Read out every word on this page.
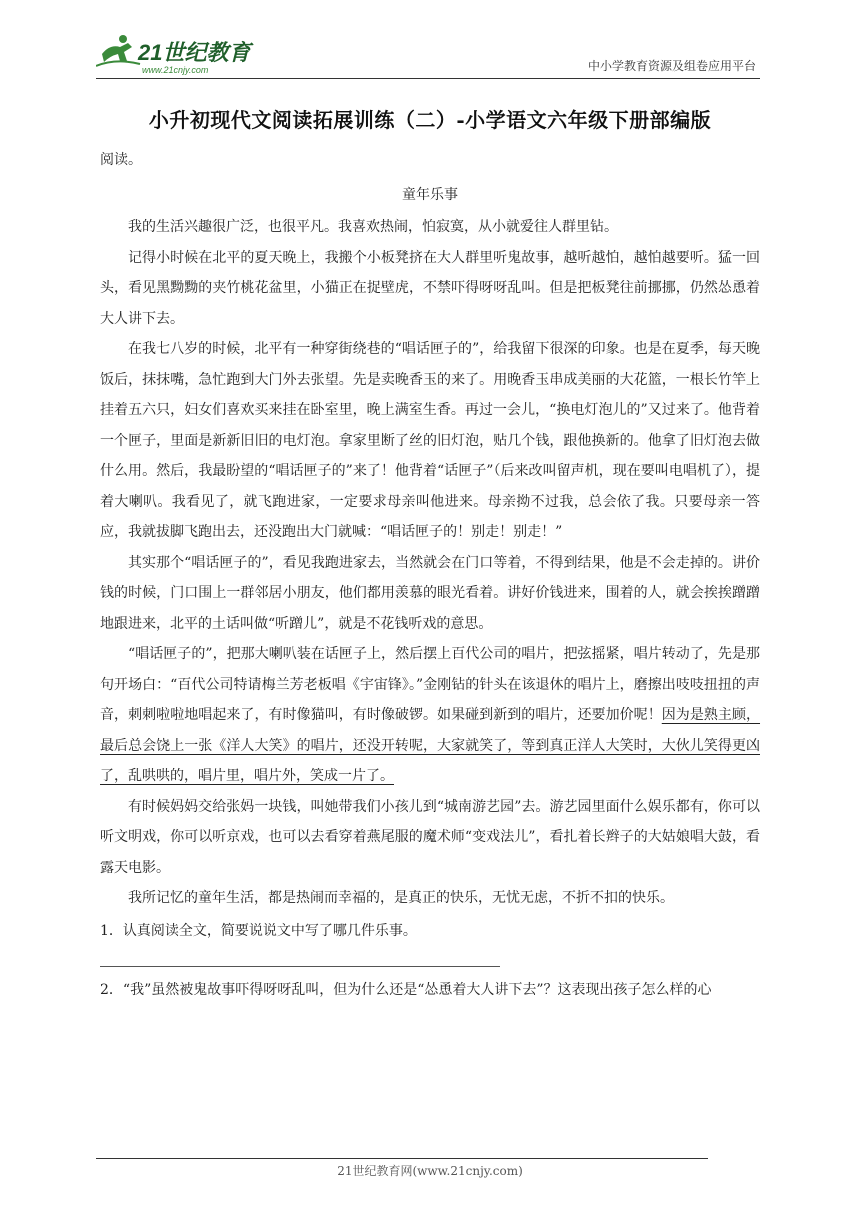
21世纪教育
www.21cnjy.com	中小学教育资源及组卷应用平台
小升初现代文阅读拓展训练（二）-小学语文六年级下册部编版

阅读。

童年乐事

我的生活兴趣很广泛，也很平凡。我喜欢热闹，怕寂寞，从小就爱往人群里钻。

记得小时候在北平的夏天晚上，我搬个小板凳挤在大人群里听鬼故事，越听越怕，越怕越要听。猛一回头，看见黑黝黝的夹竹桃花盆里，小猫正在捉壁虎，不禁吓得呀呀乱叫。但是把板凳往前挪挪，仍然怂恿着大人讲下去。

在我七八岁的时候，北平有一种穿街绕巷的“唱话匣子的”，给我留下很深的印象。也是在夏季，每天晚饭后，抹抹嘴，急忙跑到大门外去张望。先是卖晚香玉的来了。用晚香玉串成美丽的大花篮，一根长竹竿上挂着五六只，妇女们喜欢买来挂在卧室里，晚上满室生香。再过一会儿，“换电灯泡儿的”又过来了。他背着一个匣子，里面是新新旧旧的电灯泡。拿家里断了丝的旧灯泡，贴几个钱，跟他换新的。他拿了旧灯泡去做什么用。然后，我最盼望的“唱话匣子的”来了！他背着“话匣子”（后来改叫留声机，现在要叫电唱机了），提着大喇叭。我看见了，就飞跑进家，一定要求母亲叫他进来。母亲拗不过我，总会依了我。只要母亲一答应，我就拔脚飞跑出去，还没跑出大门就喊：“唱话匣子的！别走！别走！”

其实那个“唱话匣子的”，看见我跑进家去，当然就会在门口等着，不得到结果，他是不会走掉的。讲价钱的时候，门口围上一群邻居小朋友，他们都用羡慕的眼光看着。讲好价钱进来，围着的人，就会挨挨蹭蹭地跟进来，北平的土话叫做“听蹭儿”，就是不花钱听戏的意思。

“唱话匣子的”，把那大喇叭装在话匣子上，然后摆上百代公司的唱片，把弦摇紧，唱片转动了，先是那句开场白：“百代公司特请梅兰芳老板唱《宇宙锋》。”金刚钻的针头在该退休的唱片上，磨擦出吱吱扭扭的声音，刺刺啦啦地唱起来了，有时像猫叫，有时像破锣。如果碰到新到的唱片，还要加价呢！因为是熟主顾，最后总会饶上一张《洋人大笑》的唱片，还没开转呢，大家就笑了，等到真正洋人大笑时，大伙儿笑得更凶了，乱哄哄的，唱片里，唱片外，笑成一片了。

有时候妈妈交给张妈一块钱，叫她带我们小孩儿到“城南游艺园”去。游艺园里面什么娱乐都有，你可以听文明戏，你可以听京戏，也可以去看穿着燕尾服的魔术师“变戏法儿”，看扎着长辫子的大姑娘唱大鼓，看露天电影。

我所记忆的童年生活，都是热闹而幸福的，是真正的快乐，无忧无虑，不折不扣的快乐。

1．认真阅读全文，简要说说文中写了哪几件乐事。

2．“我”虽然被鬼故事吓得呀呀乱叫，但为什么还是“怂恿着大人讲下去”？这表现出孩子怎么样的心

21世纪教育网(www.21cnjy.com)
